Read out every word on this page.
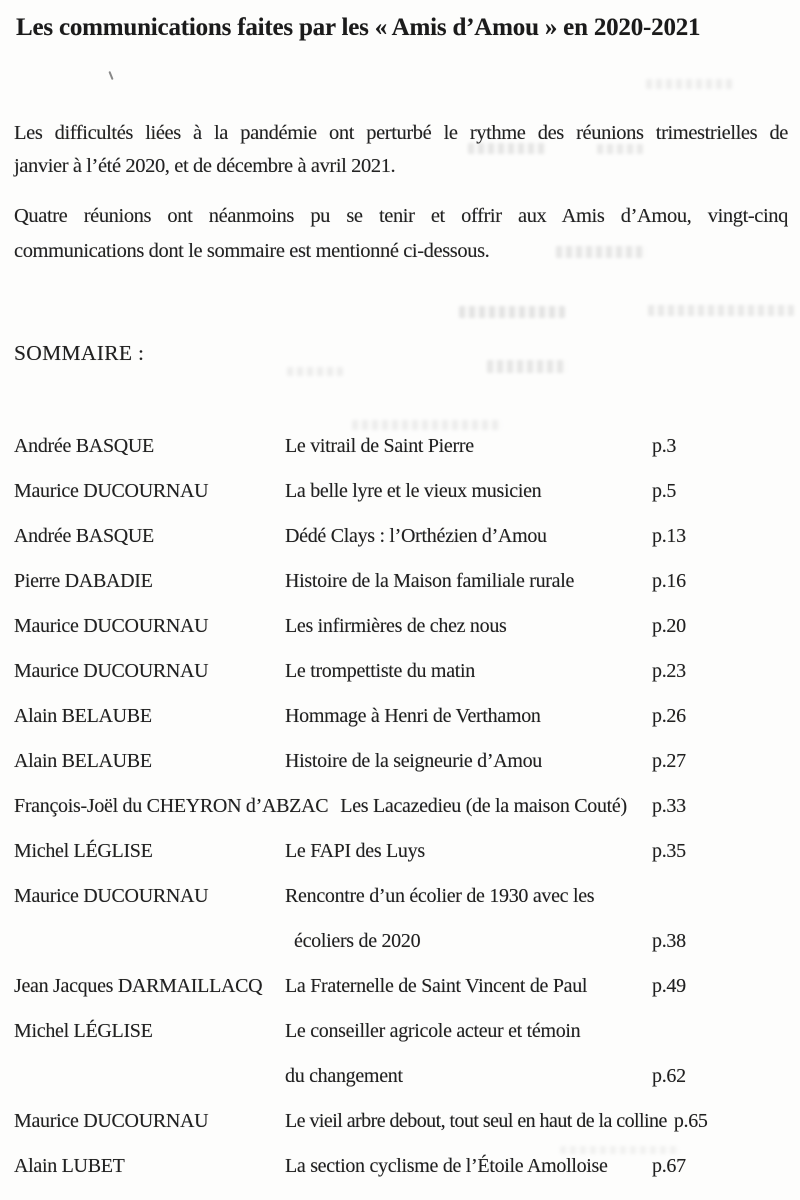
Les communications faites par les « Amis d’Amou » en 2020-2021
Les difficultés liées à la pandémie ont perturbé le rythme des réunions trimestrielles de
janvier à l’été 2020, et de décembre à avril 2021.
Quatre réunions ont néanmoins pu se tenir et offrir aux Amis d’Amou, vingt-cinq
communications dont le sommaire est mentionné ci-dessous.
SOMMAIRE :
Andrée BASQUE	Le vitrail de Saint Pierre	p.3
Maurice DUCOURNAU	La belle lyre et le vieux musicien	p.5
Andrée BASQUE	Dédé Clays : l’Orthézien d’Amou	p.13
Pierre DABADIE	Histoire de la Maison familiale rurale	p.16
Maurice DUCOURNAU	Les infirmières de chez nous	p.20
Maurice DUCOURNAU	Le trompettiste du matin	p.23
Alain BELAUBE	Hommage à Henri de Verthamon	p.26
Alain BELAUBE	Histoire de la seigneurie d’Amou	p.27
François-Joël du CHEYRON d’ABZAC Les Lacazedieu (de la maison Couté) p.33
Michel LÉGLISE	Le FAPI des Luys	p.35
Maurice DUCOURNAU	Rencontre d’un écolier de 1930 avec les
écoliers de 2020	p.38
Jean Jacques DARMAILLACQ	La Fraternelle de Saint Vincent de Paul	p.49
Michel LÉGLISE	Le conseiller agricole acteur et témoin
du changement	p.62
Maurice DUCOURNAU	Le vieil arbre debout, tout seul en haut de la colline p.65
Alain LUBET	La section cyclisme de l’Étoile Amolloise p.67
